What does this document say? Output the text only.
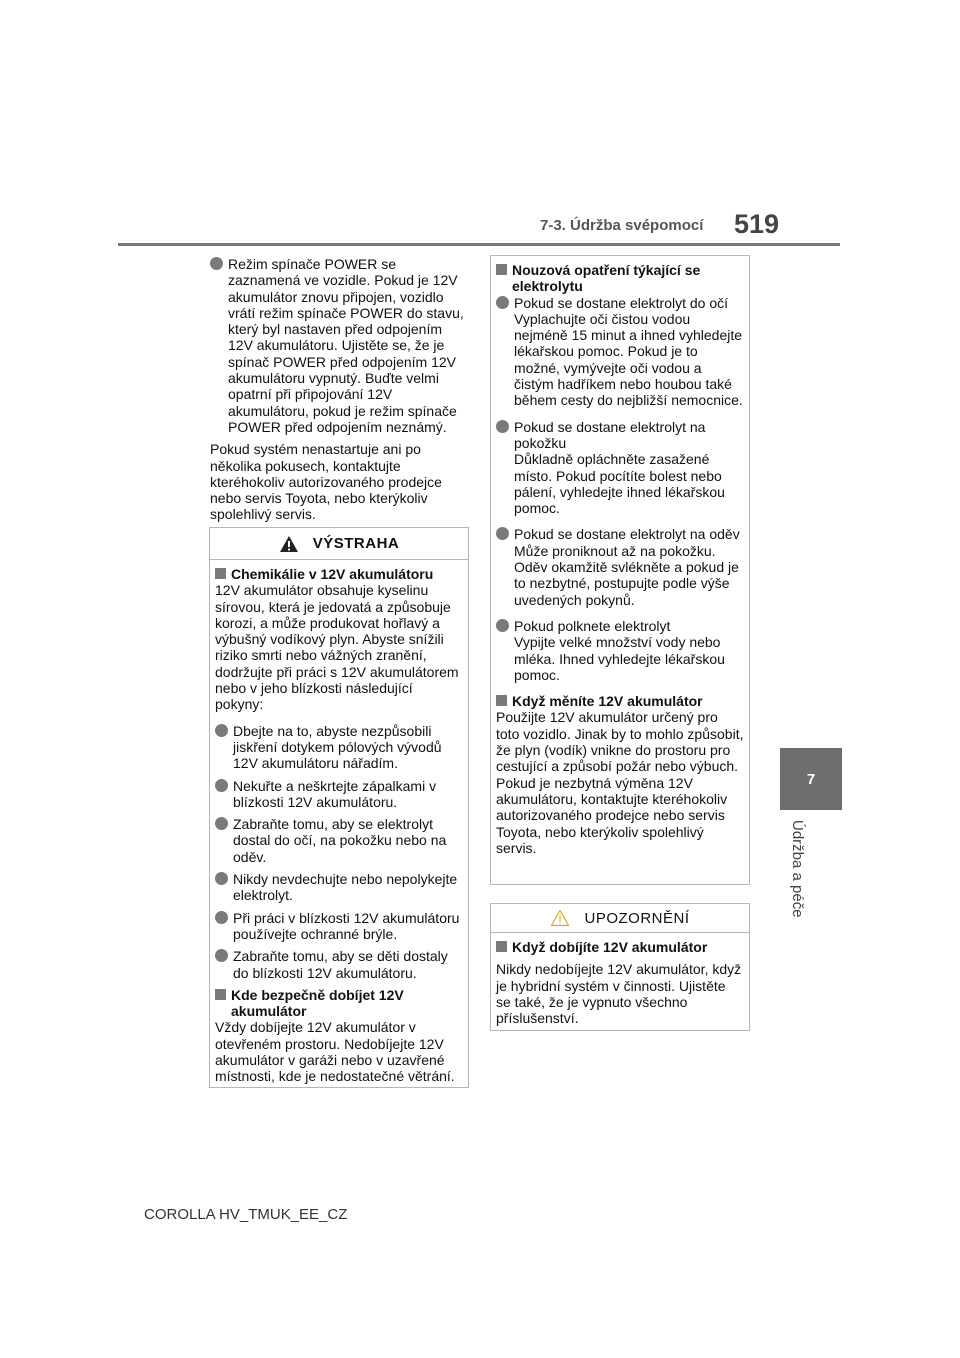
7-3. Údržba svépomocí 519
7
Údržba a péče

Režim spínače POWER se zaznamená ve vozidle. Pokud je 12V akumulátor znovu připojen, vozidlo vrátí režim spínače POWER do stavu, který byl nastaven před odpojením 12V akumulátoru. Ujistěte se, že je spínač POWER před odpojením 12V akumulátoru vypnutý. Buďte velmi opatrní při připojování 12V akumulátoru, pokud je režim spínače POWER před odpojením neznámý.

Pokud systém nenastartuje ani po několika pokusech, kontaktujte kteréhokoliv autorizovaného prodejce nebo servis Toyota, nebo kterýkoliv spolehlivý servis.

VÝSTRAHA

Chemikálie v 12V akumulátoru

12V akumulátor obsahuje kyselinu sírovou, která je jedovatá a způsobuje korozi, a může produkovat hořlavý a výbušný vodíkový plyn. Abyste snížili riziko smrti nebo vážných zranění, dodržujte při práci s 12V akumulátorem nebo v jeho blízkosti následující pokyny:

Dbejte na to, abyste nezpůsobili jiskření dotykem pólových vývodů 12V akumulátoru nářadím.

Nekuřte a neškrtejte zápalkami v blízkosti 12V akumulátoru.

Zabraňte tomu, aby se elektrolyt dostal do očí, na pokožku nebo na oděv.

Nikdy nevdechujte nebo nepolykejte elektrolyt.

Při práci v blízkosti 12V akumulátoru používejte ochranné brýle.

Zabraňte tomu, aby se děti dostaly do blízkosti 12V akumulátoru.

Kde bezpečně dobíjet 12V akumulátor

Vždy dobíjejte 12V akumulátor v otevřeném prostoru. Nedobíjejte 12V akumulátor v garáži nebo v uzavřené místnosti, kde je nedostatečné větrání.

Nouzová opatření týkající se elektrolytu

Pokud se dostane elektrolyt do očí
Vyplachujte oči čistou vodou nejméně 15 minut a ihned vyhledejte lékařskou pomoc. Pokud je to možné, vymývejte oči vodou a čistým hadříkem nebo houbou také během cesty do nejbližší nemocnice.

Pokud se dostane elektrolyt na pokožku
Důkladně opláchněte zasažené místo. Pokud pocítíte bolest nebo pálení, vyhledejte ihned lékařskou pomoc.

Pokud se dostane elektrolyt na oděv
Může proniknout až na pokožku. Oděv okamžitě svlékněte a pokud je to nezbytné, postupujte podle výše uvedených pokynů.

Pokud polknete elektrolyt
Vypijte velké množství vody nebo mléka. Ihned vyhledejte lékařskou pomoc.

Když měníte 12V akumulátor

Použijte 12V akumulátor určený pro toto vozidlo. Jinak by to mohlo způsobit, že plyn (vodík) vnikne do prostoru pro cestující a způsobí požár nebo výbuch.
Pokud je nezbytná výměna 12V akumulátoru, kontaktujte kteréhokoliv autorizovaného prodejce nebo servis Toyota, nebo kterýkoliv spolehlivý servis.

UPOZORNĚNÍ

Když dobíjíte 12V akumulátor

Nikdy nedobíjejte 12V akumulátor, když je hybridní systém v činnosti. Ujistěte se také, že je vypnuto všechno příslušenství.

COROLLA HV_TMUK_EE_CZ
